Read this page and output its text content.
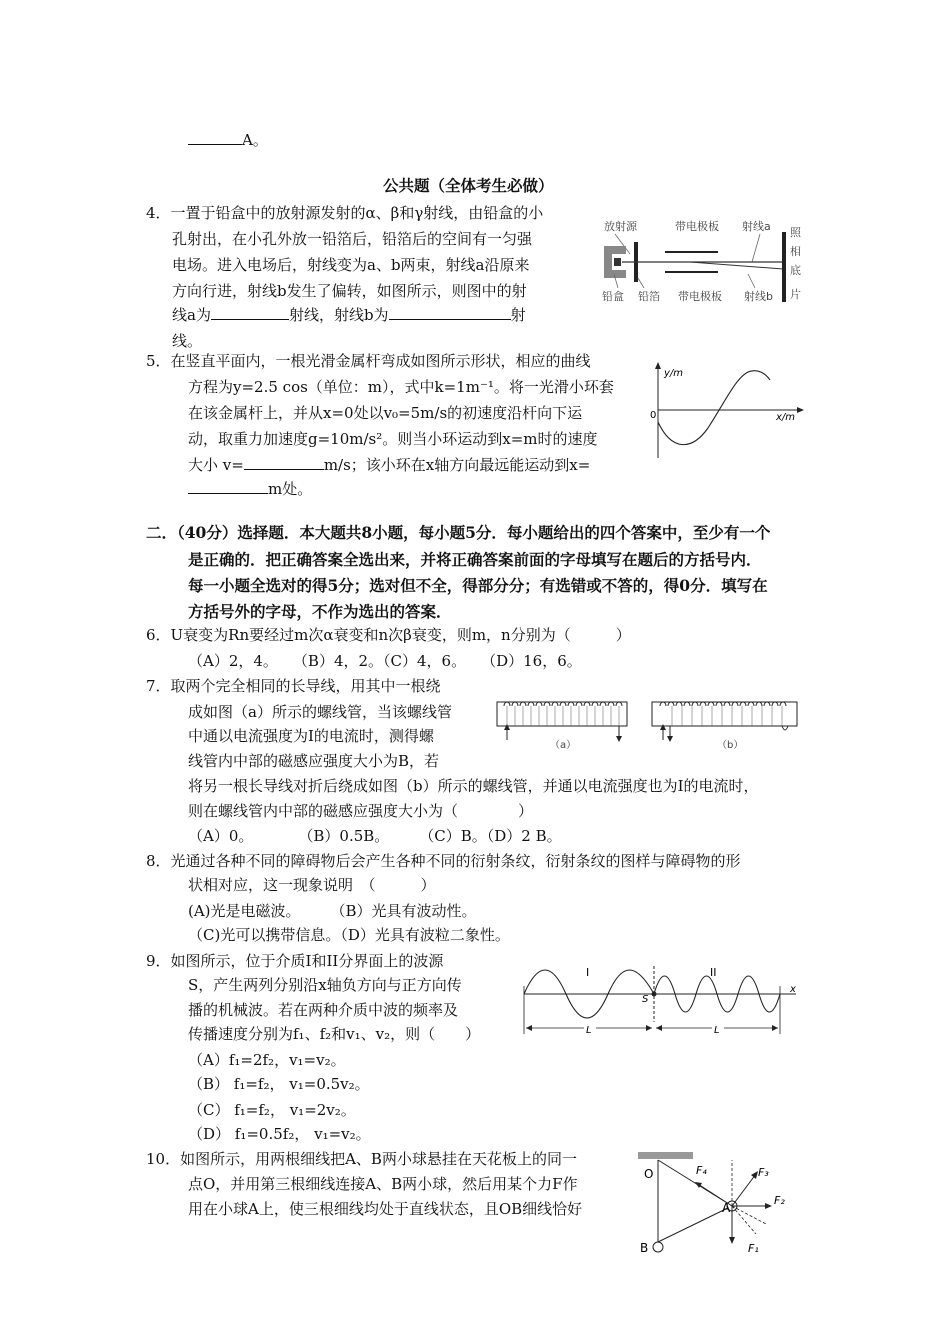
A。
公共题（全体考生必做）
4．一置于铅盒中的放射源发射的α、β和γ射线，由铅盒的小
孔射出，在小孔外放一铅箔后，铅箔后的空间有一匀强
电场。进入电场后，射线变为a、b两束，射线a沿原来
方向行进，射线b发生了偏转，如图所示，则图中的射
线a为	射线，射线b为	射
线。
放射源	带电极板 射线a 照
相
底
片
铅盒 铅箔 带电极板 射线b
5．在竖直平面内，一根光滑金属杆弯成如图所示形状，相应的曲线
方程为y=2.5 cos（单位：m），式中k=1m⁻¹。将一光滑小环套
在该金属杆上，并从x=0处以v₀=5m/s的初速度沿杆向下运
动，取重力加速度g=10m/s²。则当小环运动到x=m时的速度
大小 v=	m/s；该小环在x轴方向最远能运动到x=
m处。
y/m
x/m
0
二．（40分）选择题．本大题共8小题，每小题5分．每小题给出的四个答案中，至少有一个
是正确的．把正确答案全选出来，并将正确答案前面的字母填写在题后的方括号内．
每一小题全选对的得5分；选对但不全，得部分分；有选错或不答的，得0分．填写在
方括号外的字母，不作为选出的答案．
6．U衰变为Rn要经过m次α衰变和n次β衰变，则m，n分别为（　　　）
（A）2，4。　　（B）4，2。（C）4，6。　　（D）16，6。
7．取两个完全相同的长导线，用其中一根绕
成如图（a）所示的螺线管，当该螺线管
中通以电流强度为I的电流时，测得螺
线管内中部的磁感应强度大小为B，若
将另一根长导线对折后绕成如图（b）所示的螺线管，并通以电流强度也为I的电流时，
则在螺线管内中部的磁感应强度大小为（　　　　）
（A）0。　　　　（B）0.5B。　　　（C）B。（D）2 B。
（a）	（b）
8．光通过各种不同的障碍物后会产生各种不同的衍射条纹，衍射条纹的图样与障碍物的形
状相对应，这一现象说明　（　　　）
(A)光是电磁波。　　　（B）光具有波动性。
（C)光可以携带信息。（D）光具有波粒二象性。
9．如图所示，位于介质I和II分界面上的波源
S，产生两列分别沿x轴负方向与正方向传
播的机械波。若在两种介质中波的频率及
传播速度分别为f₁、f₂和v₁、v₂，则（　　）
（A）f₁=2f₂，v₁=v₂。
（B） f₁=f₂， v₁=0.5v₂。
（C） f₁=f₂， v₁=2v₂。
（D） f₁=0.5f₂， v₁=v₂。
I	II
x
S
L	L
10．如图所示，用两根细线把A、B两小球悬挂在天花板上的同一
点O，并用第三根细线连接A、B两小球，然后用某个力F作
用在小球A上，使三根细线均处于直线状态，且OB细线恰好
O
B
A
F₁
F₂
F₃
F₄
